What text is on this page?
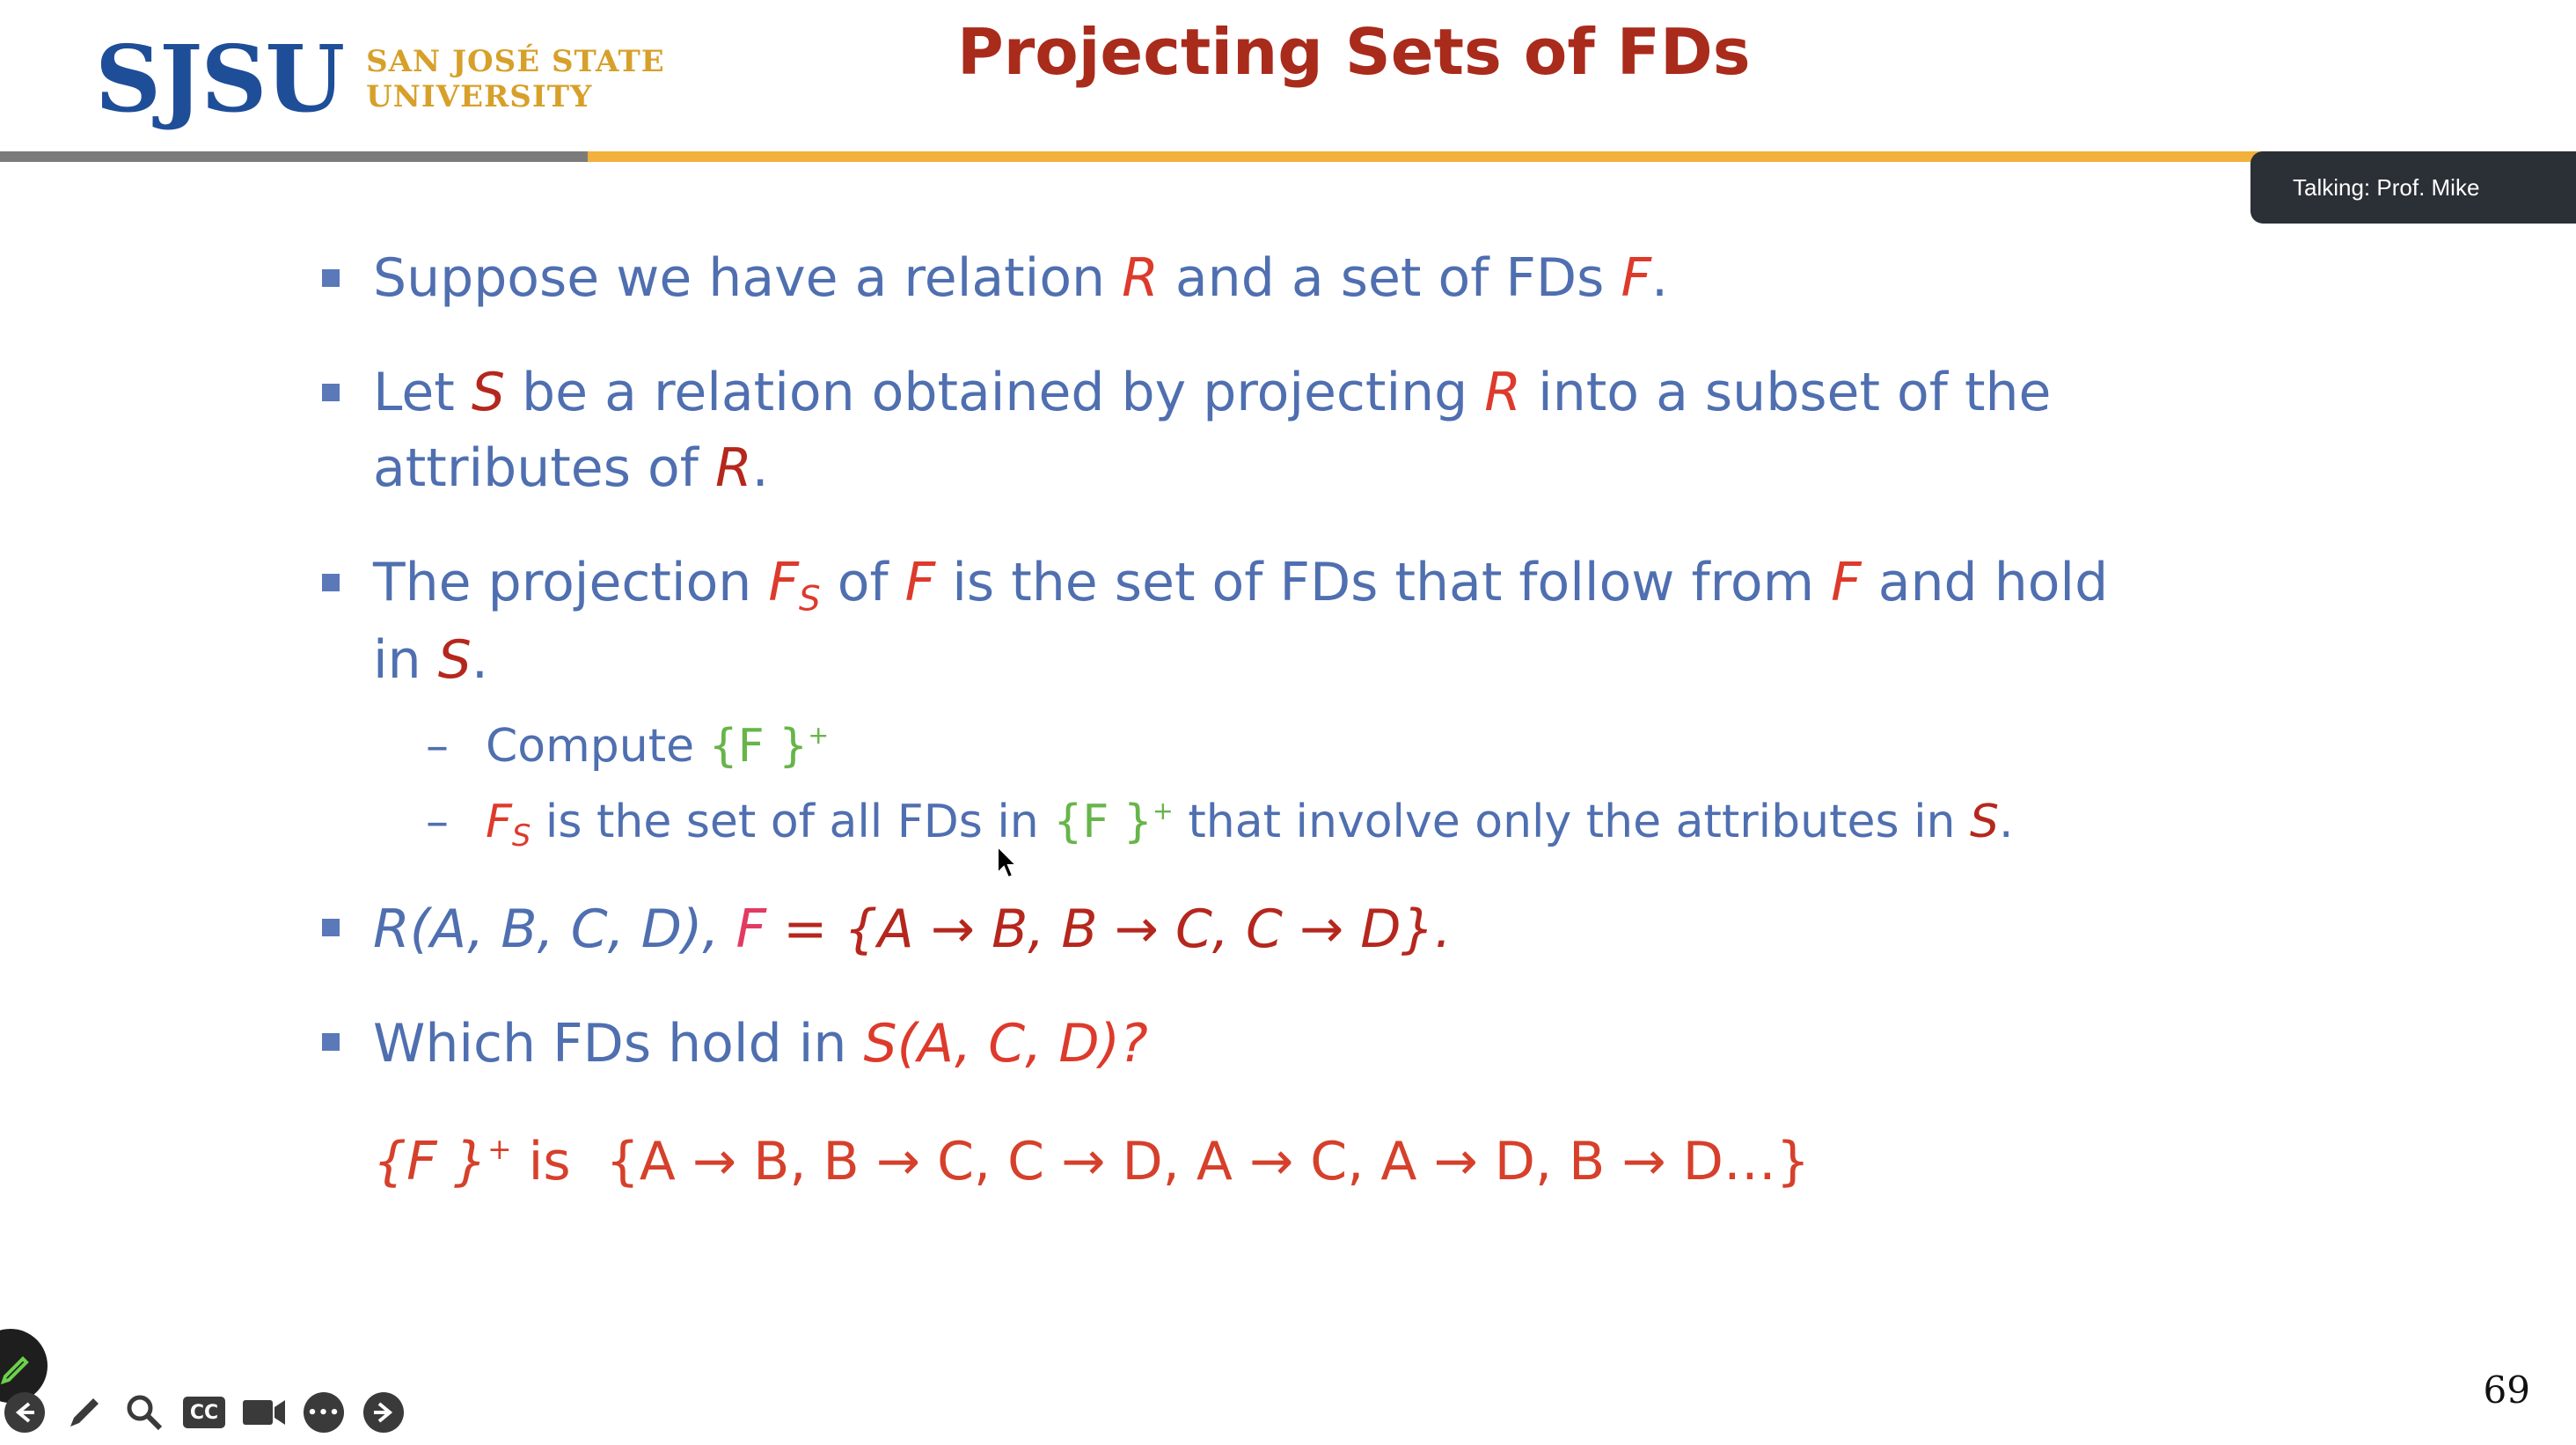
SJSU SAN JOSÉ STATE
UNIVERSITY
Projecting Sets of FDs
Talking: Prof. Mike
Suppose we have a relation R and a set of FDs F.
Let S be a relation obtained by projecting R into a subset of the
attributes of R.
The projection $F_S$ of F is the set of FDs that follow from F and hold
in S.
– Compute {F }+
– $F_S$ is the set of all FDs in {F }+ that involve only the attributes in S.
R(A, B, C, D), F = {A → B, B → C, C → D}.
Which FDs hold in S(A, C, D)?
{F }+ is {A → B, B → C, C → D, A → C, A → D, B → D…}
CC	•••
69
